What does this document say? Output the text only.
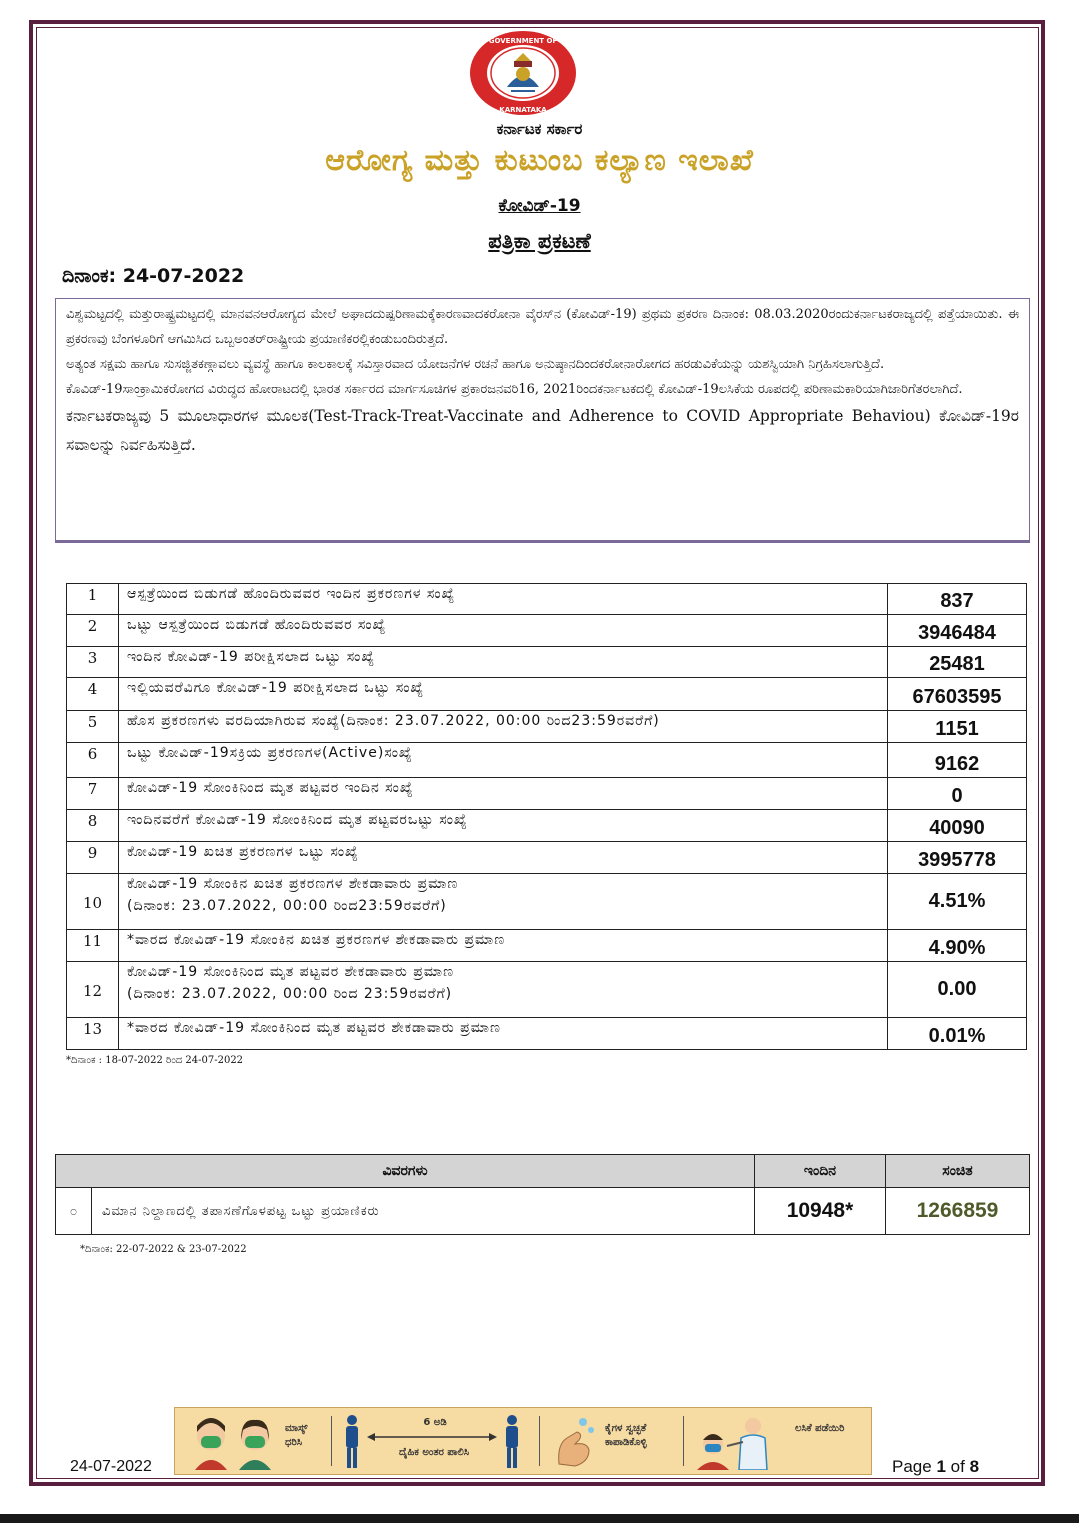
GOVERNMENT OF
KARNATAKA
ಕರ್ನಾಟಕ ಸರ್ಕಾರ
ಆರೋಗ್ಯ ಮತ್ತು ಕುಟುಂಬ ಕಲ್ಯಾಣ ಇಲಾಖೆ
ಕೋವಿಡ್-19
ಪತ್ರಿಕಾ ಪ್ರಕಟಣೆ
ದಿನಾಂಕ: 24-07-2022

ವಿಶ್ವಮಟ್ಟದಲ್ಲಿ ಮತ್ತುರಾಷ್ಟ್ರಮಟ್ಟದಲ್ಲಿ ಮಾನವನಆರೋಗ್ಯದ ಮೇಲೆ ಅಘಾದದುಷ್ಪರಿಣಾಮಕ್ಕೆಕಾರಣವಾದಕರೋನಾ ವೈರಸ್‌ನ (ಕೋವಿಡ್-19) ಪ್ರಥಮ ಪ್ರಕರಣ ದಿನಾಂಕ: 08.03.2020ರಂದುಕರ್ನಾಟಕರಾಜ್ಯದಲ್ಲಿ ಪತ್ತೆಯಾಯಿತು. ಈ ಪ್ರಕರಣವು ಬೆಂಗಳೂರಿಗೆ ಆಗಮಿಸಿದ ಒಬ್ಬಅಂತರ್‌ರಾಷ್ಟ್ರೀಯ ಪ್ರಯಾಣಿಕರಲ್ಲಿಕಂಡುಬಂದಿರುತ್ತದೆ.

ಅತ್ಯಂತ ಸಕ್ಷಮ ಹಾಗೂ ಸುಸಜ್ಜಿತಕಣ್ಗಾವಲು ವ್ಯವಸ್ಥೆ ಹಾಗೂ ಕಾಲಕಾಲಕ್ಕೆ ಸವಿಸ್ತಾರವಾದ ಯೋಜನೆಗಳ ರಚನೆ ಹಾಗೂ ಅನುಷ್ಠಾನದಿಂದಕರೋನಾರೋಗದ ಹರಡುವಿಕೆಯನ್ನು ಯಶಸ್ವಿಯಾಗಿ ನಿಗ್ರಹಿಸಲಾಗುತ್ತಿದೆ.

ಕೊವಿಡ್-19ಸಾಂಕ್ರಾಮಿಕರೋಗದ ವಿರುದ್ಧದ ಹೋರಾಟದಲ್ಲಿ ಭಾರತ ಸರ್ಕಾರದ ಮಾರ್ಗಸೂಚಿಗಳ ಪ್ರಕಾರಜನವರಿ16, 2021ರಿಂದಕರ್ನಾಟಕದಲ್ಲಿ ಕೋವಿಡ್-19ಲಸಿಕೆಯ ರೂಪದಲ್ಲಿ ಪರಿಣಾಮಕಾರಿಯಾಗಿಜಾರಿಗೆತರಲಾಗಿದೆ.

ಕರ್ನಾಟಕರಾಜ್ಯವು 5 ಮೂಲಾಧಾರಗಳ ಮೂಲಕ(Test-Track-Treat-Vaccinate and Adherence to COVID Appropriate Behaviou) ಕೋವಿಡ್-19ರ ಸವಾಲನ್ನು ನಿರ್ವಹಿಸುತ್ತಿದೆ.

1	ಆಸ್ಪತ್ರೆಯಿಂದ ಬಿಡುಗಡೆ ಹೊಂದಿರುವವರ ಇಂದಿನ ಪ್ರಕರಣಗಳ ಸಂಖ್ಯೆ	837
2	ಒಟ್ಟು ಆಸ್ಪತ್ರೆಯಿಂದ ಬಿಡುಗಡೆ ಹೊಂದಿರುವವರ ಸಂಖ್ಯೆ	3946484
3	ಇಂದಿನ ಕೋವಿಡ್-19 ಪರೀಕ್ಷಿಸಲಾದ ಒಟ್ಟು ಸಂಖ್ಯೆ	25481
4	ಇಲ್ಲಿಯವರೆವಿಗೂ ಕೋವಿಡ್-19 ಪರೀಕ್ಷಿಸಲಾದ ಒಟ್ಟು ಸಂಖ್ಯೆ	67603595
5	ಹೊಸ ಪ್ರಕರಣಗಳು ವರದಿಯಾಗಿರುವ ಸಂಖ್ಯೆ(ದಿನಾಂಕ: 23.07.2022, 00:00 ರಿಂದ23:59ರವರೆಗೆ)	1151
6	ಒಟ್ಟು ಕೋವಿಡ್-19ಸಕ್ರಿಯ ಪ್ರಕರಣಗಳ(Active)ಸಂಖ್ಯೆ	9162
7	ಕೋವಿಡ್-19 ಸೋಂಕಿನಿಂದ ಮೃತ ಪಟ್ಟವರ ಇಂದಿನ ಸಂಖ್ಯೆ	0
8	ಇಂದಿನವರೆಗೆ ಕೋವಿಡ್-19 ಸೋಂಕಿನಿಂದ ಮೃತ ಪಟ್ಟವರಒಟ್ಟು ಸಂಖ್ಯೆ	40090
9	ಕೋವಿಡ್-19 ಖಚಿತ ಪ್ರಕರಣಗಳ ಒಟ್ಟು ಸಂಖ್ಯೆ	3995778
10	ಕೋವಿಡ್-19 ಸೋಂಕಿನ ಖಚಿತ ಪ್ರಕರಣಗಳ ಶೇಕಡಾವಾರು ಪ್ರಮಾಣ
(ದಿನಾಂಕ: 23.07.2022, 00:00 ರಿಂದ23:59ರವರೆಗೆ)	4.51%
11	*ವಾರದ ಕೋವಿಡ್-19 ಸೋಂಕಿನ ಖಚಿತ ಪ್ರಕರಣಗಳ ಶೇಕಡಾವಾರು ಪ್ರಮಾಣ	4.90%
12	ಕೋವಿಡ್-19 ಸೋಂಕಿನಿಂದ ಮೃತ ಪಟ್ಟವರ ಶೇಕಡಾವಾರು ಪ್ರಮಾಣ
(ದಿನಾಂಕ: 23.07.2022, 00:00 ರಿಂದ 23:59ರವರೆಗೆ)	0.00
13	*ವಾರದ ಕೋವಿಡ್-19 ಸೋಂಕಿನಿಂದ ಮೃತ ಪಟ್ಟವರ ಶೇಕಡಾವಾರು ಪ್ರಮಾಣ	0.01%
*ದಿನಾಂಕ : 18-07-2022 ರಿಂದ 24-07-2022
ವಿವರಗಳು		ಇಂದಿನ	ಸಂಚಿತ
೦	ವಿಮಾನ ನಿಲ್ದಾಣದಲ್ಲಿ ತಪಾಸಣೆಗೊಳಪಟ್ಟ ಒಟ್ಟು ಪ್ರಯಾಣಿಕರು	10948*	1266859
*ದಿನಾಂಕ: 22-07-2022 & 23-07-2022
ಮಾಸ್ಕ್ ಧರಿಸಿ
6 ಅಡಿ
ದೈಹಿಕ ಅಂತರ ಪಾಲಿಸಿ
ಕೈಗಳ ಸ್ವಚ್ಛತೆ ಕಾಪಾಡಿಕೊಳ್ಳಿ
ಲಸಿಕೆ ಪಡೆಯಿರಿ
24-07-2022	Page 1 of 8
